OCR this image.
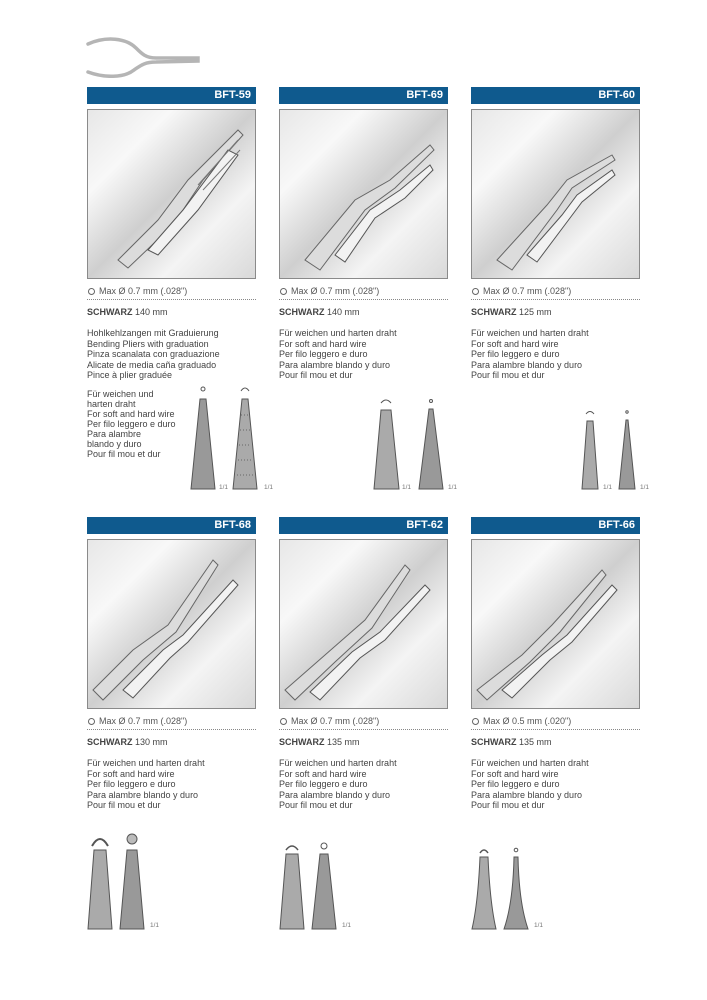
BFT-59
Max Ø 0.7 mm (.028")
SCHWARZ 140 mm
Hohlkehlzangen mit Graduierung
Bending Pliers with graduation
Pinza scanalata con graduazione
Alicate de media caña graduado
Pince à plier graduée
Für weichen und
harten draht
For soft and hard wire
Per filo leggero e duro
Para alambre
blando y duro
Pour fil mou et dur
1/1	1/1
BFT-69
Max Ø 0.7 mm (.028")
SCHWARZ 140 mm
Für weichen und harten draht
For soft and hard wire
Per filo leggero e duro
Para alambre blando y duro
Pour fil mou et dur
1/1	1/1
BFT-60
Max Ø 0.7 mm (.028")
SCHWARZ 125 mm
Für weichen und harten draht
For soft and hard wire
Per filo leggero e duro
Para alambre blando y duro
Pour fil mou et dur
1/1	1/1
BFT-68
Max Ø 0.7 mm (.028")
SCHWARZ 130 mm
Für weichen und harten draht
For soft and hard wire
Per filo leggero e duro
Para alambre blando y duro
Pour fil mou et dur
1/1
BFT-62
Max Ø 0.7 mm (.028")
SCHWARZ 135 mm
Für weichen und harten draht
For soft and hard wire
Per filo leggero e duro
Para alambre blando y duro
Pour fil mou et dur
1/1
BFT-66
Max Ø 0.5 mm (.020")
SCHWARZ 135 mm
Für weichen und harten draht
For soft and hard wire
Per filo leggero e duro
Para alambre blando y duro
Pour fil mou et dur
1/1
